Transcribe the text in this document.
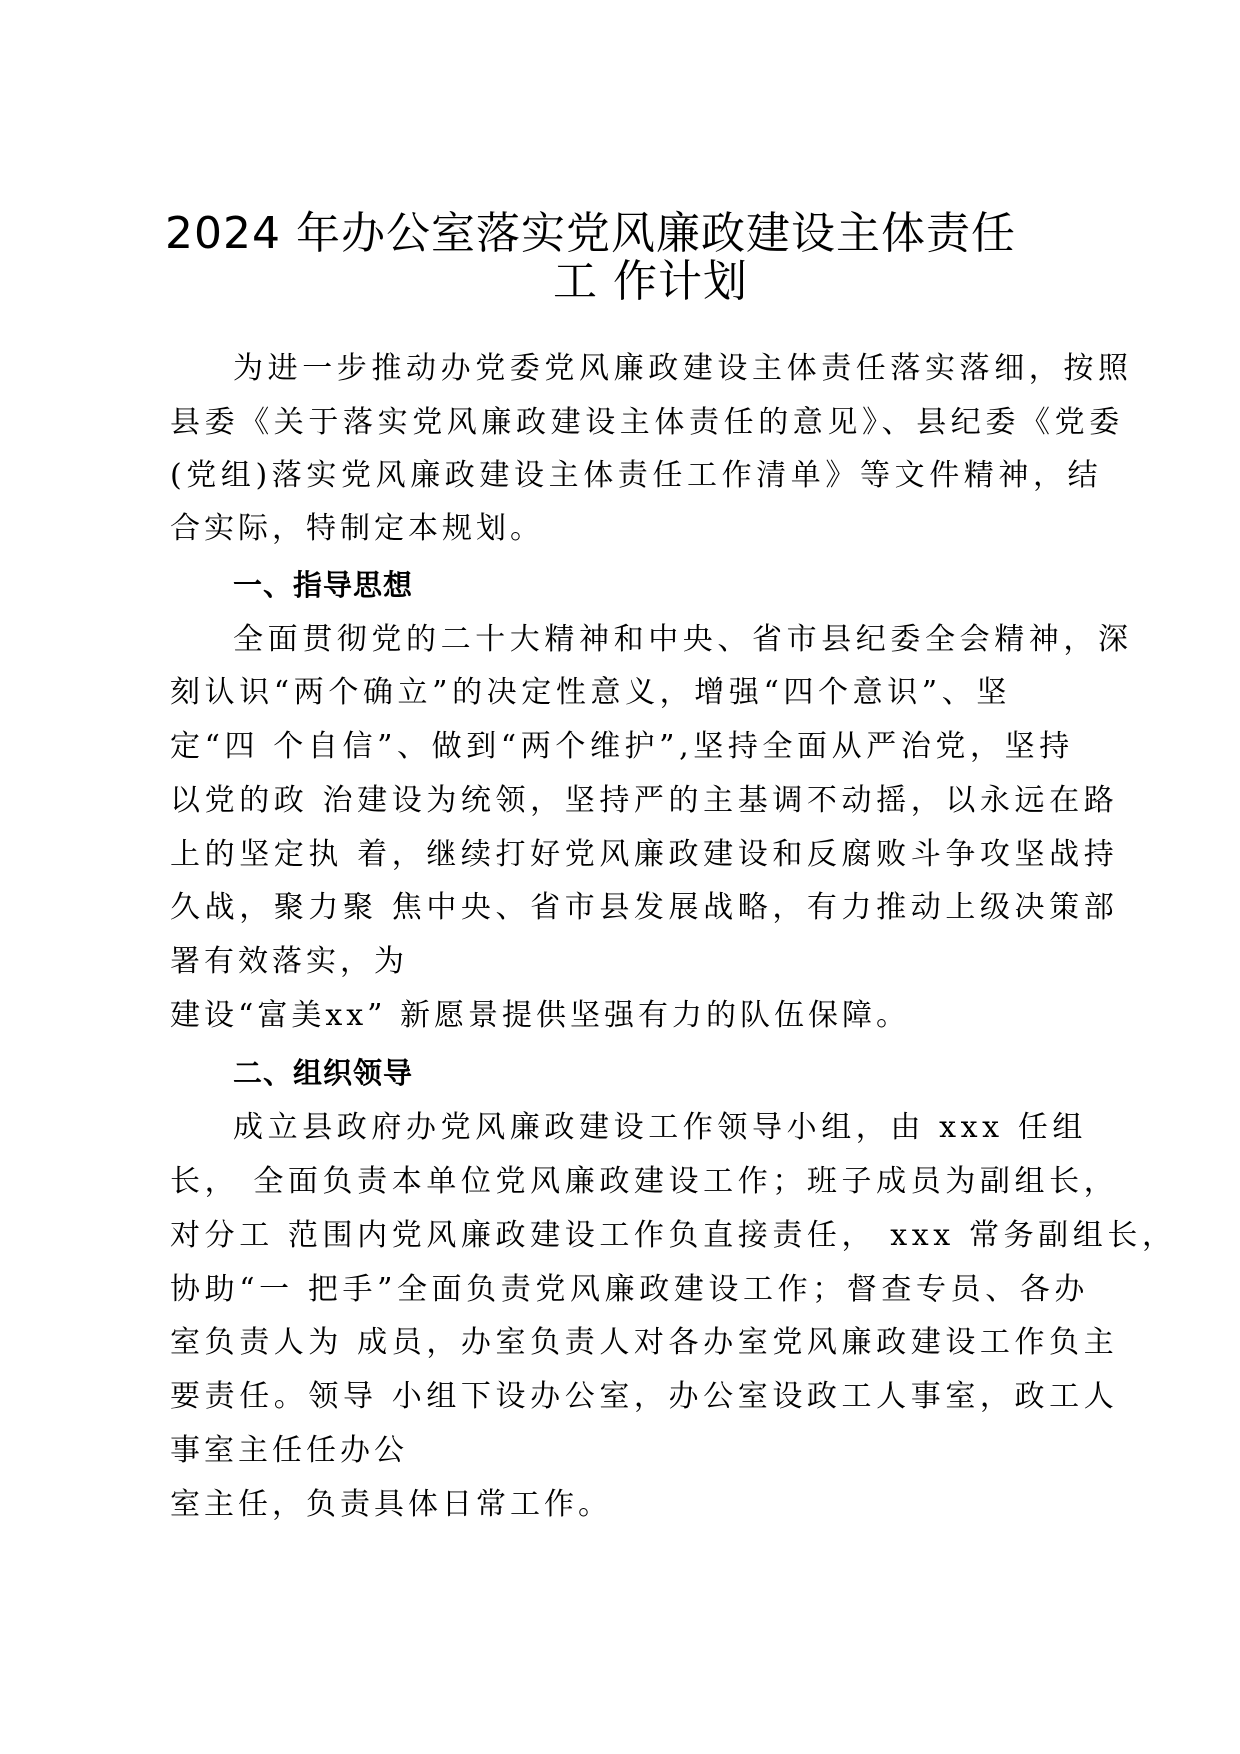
2024 年办公室落实党风廉政建设主体责任
工 作计划
为进一步推动办党委党风廉政建设主体责任落实落细，按照
县委《关于落实党风廉政建设主体责任的意见》、县纪委《党委
(党组)落实党风廉政建设主体责任工作清单》等文件精神，结
合实际，特制定本规划。
一、指导思想
全面贯彻党的二十大精神和中央、省市县纪委全会精神，深
刻认识“两个确立”的决定性意义，增强“四个意识”、坚
定“四 个自信”、做到“两个维护”,坚持全面从严治党，坚持
以党的政 治建设为统领，坚持严的主基调不动摇，以永远在路
上的坚定执 着，继续打好党风廉政建设和反腐败斗争攻坚战持
久战，聚力聚 焦中央、省市县发展战略，有力推动上级决策部
署有效落实，为
建设“富美xx” 新愿景提供坚强有力的队伍保障。
二、组织领导
成立县政府办党风廉政建设工作领导小组，由 xxx 任组
长， 全面负责本单位党风廉政建设工作；班子成员为副组长，
对分工 范围内党风廉政建设工作负直接责任， xxx 常务副组长，
协助“一 把手”全面负责党风廉政建设工作；督查专员、各办
室负责人为 成员，办室负责人对各办室党风廉政建设工作负主
要责任。领导 小组下设办公室，办公室设政工人事室，政工人
事室主任任办公
室主任，负责具体日常工作。
